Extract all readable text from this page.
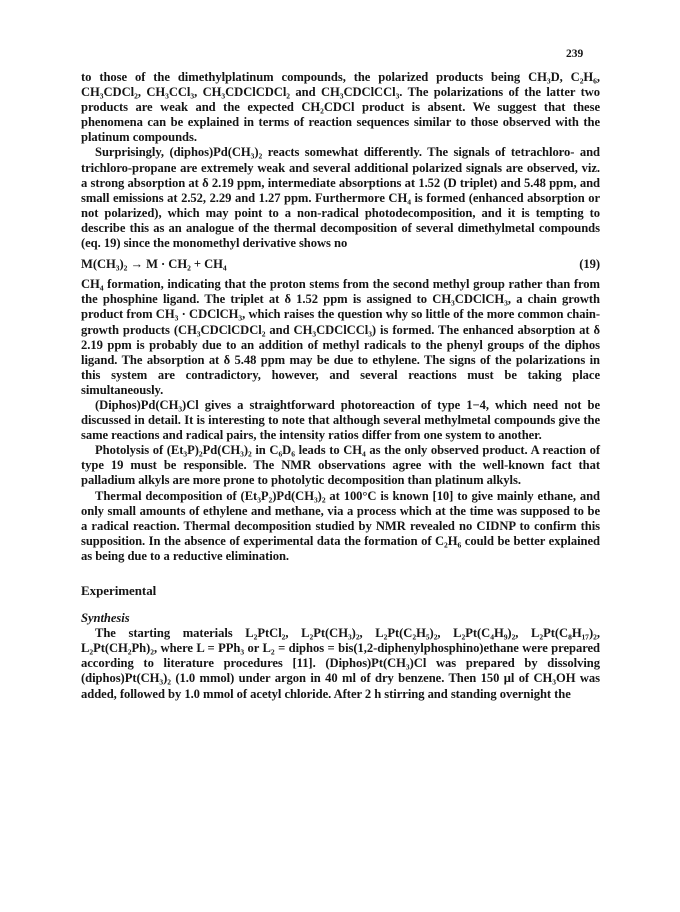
239

to those of the dimethylplatinum compounds, the polarized products being CH₃D, C₂H₆, CH₃CDCl₂, CH₃CCl₃, CH₃CDClCDCl₂ and CH₃CDClCCl₃. The polarizations of the latter two products are weak and the expected CH₂CDCl product is absent. We suggest that these phenomena can be explained in terms of reaction sequences similar to those observed with the platinum compounds.

Surprisingly, (diphos)Pd(CH₃)₂ reacts somewhat differently. The signals of tetrachloro- and trichloro-propane are extremely weak and several additional polarized signals are observed, viz. a strong absorption at δ 2.19 ppm, intermediate absorptions at 1.52 (D triplet) and 5.48 ppm, and small emissions at 2.52, 2.29 and 1.27 ppm. Furthermore CH₄ is formed (enhanced absorption or not polarized), which may point to a non-radical photodecomposition, and it is tempting to describe this as an analogue of the thermal decomposition of several dimethylmetal compounds (eq. 19) since the monomethyl derivative shows no

M(CH₃)₂ → M · CH₂ + CH₄	(19)

CH₄ formation, indicating that the proton stems from the second methyl group rather than from the phosphine ligand. The triplet at δ 1.52 ppm is assigned to CH₃CDClCH₃, a chain growth product from CH₃ · CDClCH₃, which raises the question why so little of the more common chain-growth products (CH₃CDClCDCl₂ and CH₃CDClCCl₃) is formed. The enhanced absorption at δ 2.19 ppm is probably due to an addition of methyl radicals to the phenyl groups of the diphos ligand. The absorption at δ 5.48 ppm may be due to ethylene. The signs of the polarizations in this system are contradictory, however, and several reactions must be taking place simultaneously.

(Diphos)Pd(CH₃)Cl gives a straightforward photoreaction of type 1−4, which need not be discussed in detail. It is interesting to note that although several methylmetal compounds give the same reactions and radical pairs, the intensity ratios differ from one system to another.

Photolysis of (Et₃P)₂Pd(CH₃)₂ in C₆D₆ leads to CH₄ as the only observed product. A reaction of type 19 must be responsible. The NMR observations agree with the well-known fact that palladium alkyls are more prone to photolytic decomposition than platinum alkyls.

Thermal decomposition of (Et₃P₂)Pd(CH₃)₂ at 100°C is known [10] to give mainly ethane, and only small amounts of ethylene and methane, via a process which at the time was supposed to be a radical reaction. Thermal decomposition studied by NMR revealed no CIDNP to confirm this supposition. In the absence of experimental data the formation of C₂H₆ could be better explained as being due to a reductive elimination.

Experimental
Synthesis

The starting materials L₂PtCl₂, L₂Pt(CH₃)₂, L₂Pt(C₂H₅)₂, L₂Pt(C₄H₉)₂, L₂Pt(C₈H₁₇)₂, L₂Pt(CH₂Ph)₂, where L = PPh₃ or L₂ = diphos = bis(1,2-diphenylphosphino)ethane were prepared according to literature procedures [11]. (Diphos)Pt(CH₃)Cl was prepared by dissolving (diphos)Pt(CH₃)₂ (1.0 mmol) under argon in 40 ml of dry benzene. Then 150 μl of CH₃OH was added, followed by 1.0 mmol of acetyl chloride. After 2 h stirring and standing overnight the
